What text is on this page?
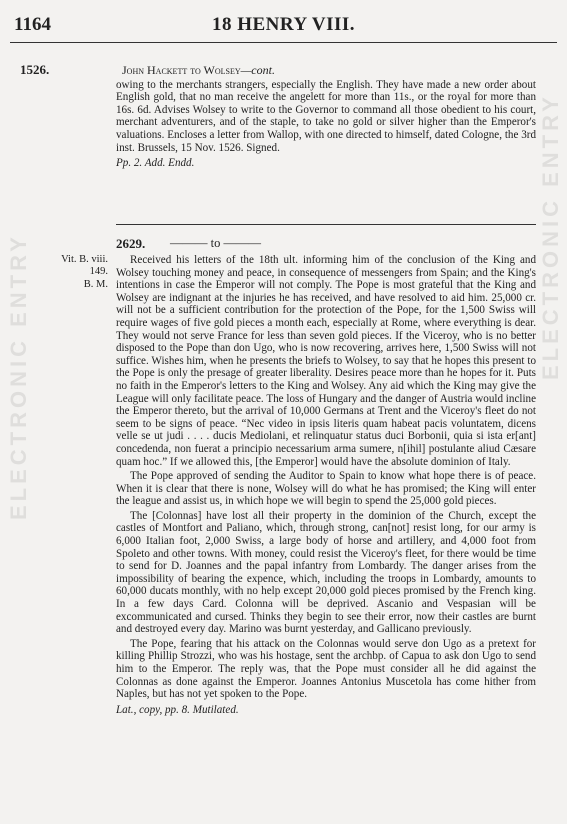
1164	18 HENRY VIII.
1526.	John Hackett to Wolsey—cont.

owing to the merchants strangers, especially the English. They have made a new order about English gold, that no man receive the angelett for more than 11s., or the royal for more than 16s. 6d. Advises Wolsey to write to the Governor to command all those obedient to his court, merchant adventurers, and of the staple, to take no gold or silver higher than the Emperor's valuations. Encloses a letter from Wallop, with one directed to himself, dated Cologne, the 3rd inst. Brussels, 15 Nov. 1526. Signed.

Pp. 2. Add. Endd.

2629. ——— to ———
Vit. B. viii.
149.
B. M.

Received his letters of the 18th ult. informing him of the conclusion of the King and Wolsey touching money and peace, in consequence of messengers from Spain; and the King's intentions in case the Emperor will not comply. The Pope is most grateful that the King and Wolsey are indignant at the injuries he has received, and have resolved to aid him. 25,000 cr. will not be a sufficient contribution for the protection of the Pope, for the 1,500 Swiss will require wages of five gold pieces a month each, especially at Rome, where everything is dear. They would not serve France for less than seven gold pieces. If the Viceroy, who is no better disposed to the Pope than don Ugo, who is now recovering, arrives here, 1,500 Swiss will not suffice. Wishes him, when he presents the briefs to Wolsey, to say that he hopes this present to the Pope is only the presage of greater liberality. Desires peace more than he hopes for it. Puts no faith in the Emperor's letters to the King and Wolsey. Any aid which the King may give the League will only facilitate peace. The loss of Hungary and the danger of Austria would incline the Emperor thereto, but the arrival of 10,000 Germans at Trent and the Viceroy's fleet do not seem to be signs of peace. “Nec video in ipsis literis quam habeat pacis voluntatem, dicens velle se ut judi . . . . ducis Mediolani, et relinquatur status duci Borbonii, quia si ista er[ant] concedenda, non fuerat a principio necessarium arma sumere, n[ihil] postulante aliud Cæsare quam hoc.” If we allowed this, [the Emperor] would have the absolute dominion of Italy.

The Pope approved of sending the Auditor to Spain to know what hope there is of peace. When it is clear that there is none, Wolsey will do what he has promised; the King will enter the league and assist us, in which hope we will begin to spend the 25,000 gold pieces.

The [Colonnas] have lost all their property in the dominion of the Church, except the castles of Montfort and Paliano, which, through strong, can[not] resist long, for our army is 6,000 Italian foot, 2,000 Swiss, a large body of horse and artillery, and 4,000 foot from Spoleto and other towns. With money, could resist the Viceroy's fleet, for there would be time to send for D. Joannes and the papal infantry from Lombardy. The danger arises from the impossibility of bearing the expence, which, including the troops in Lombardy, amounts to 60,000 ducats monthly, with no help except 20,000 gold pieces promised by the French king. In a few days Card. Colonna will be deprived. Ascanio and Vespasian will be excommunicated and cursed. Thinks they begin to see their error, now their castles are burnt and destroyed every day. Marino was burnt yesterday, and Gallicano previously.

The Pope, fearing that his attack on the Colonnas would serve don Ugo as a pretext for killing Phillip Strozzi, who was his hostage, sent the archbp. of Capua to ask don Ugo to send him to the Emperor. The reply was, that the Pope must consider all he did against the Colonnas as done against the Emperor. Joannes Antonius Muscetola has come hither from Naples, but has not yet spoken to the Pope.

Lat., copy, pp. 8. Mutilated.

ELECTRONIC ENTRY	ELECTRONIC ENTRY
